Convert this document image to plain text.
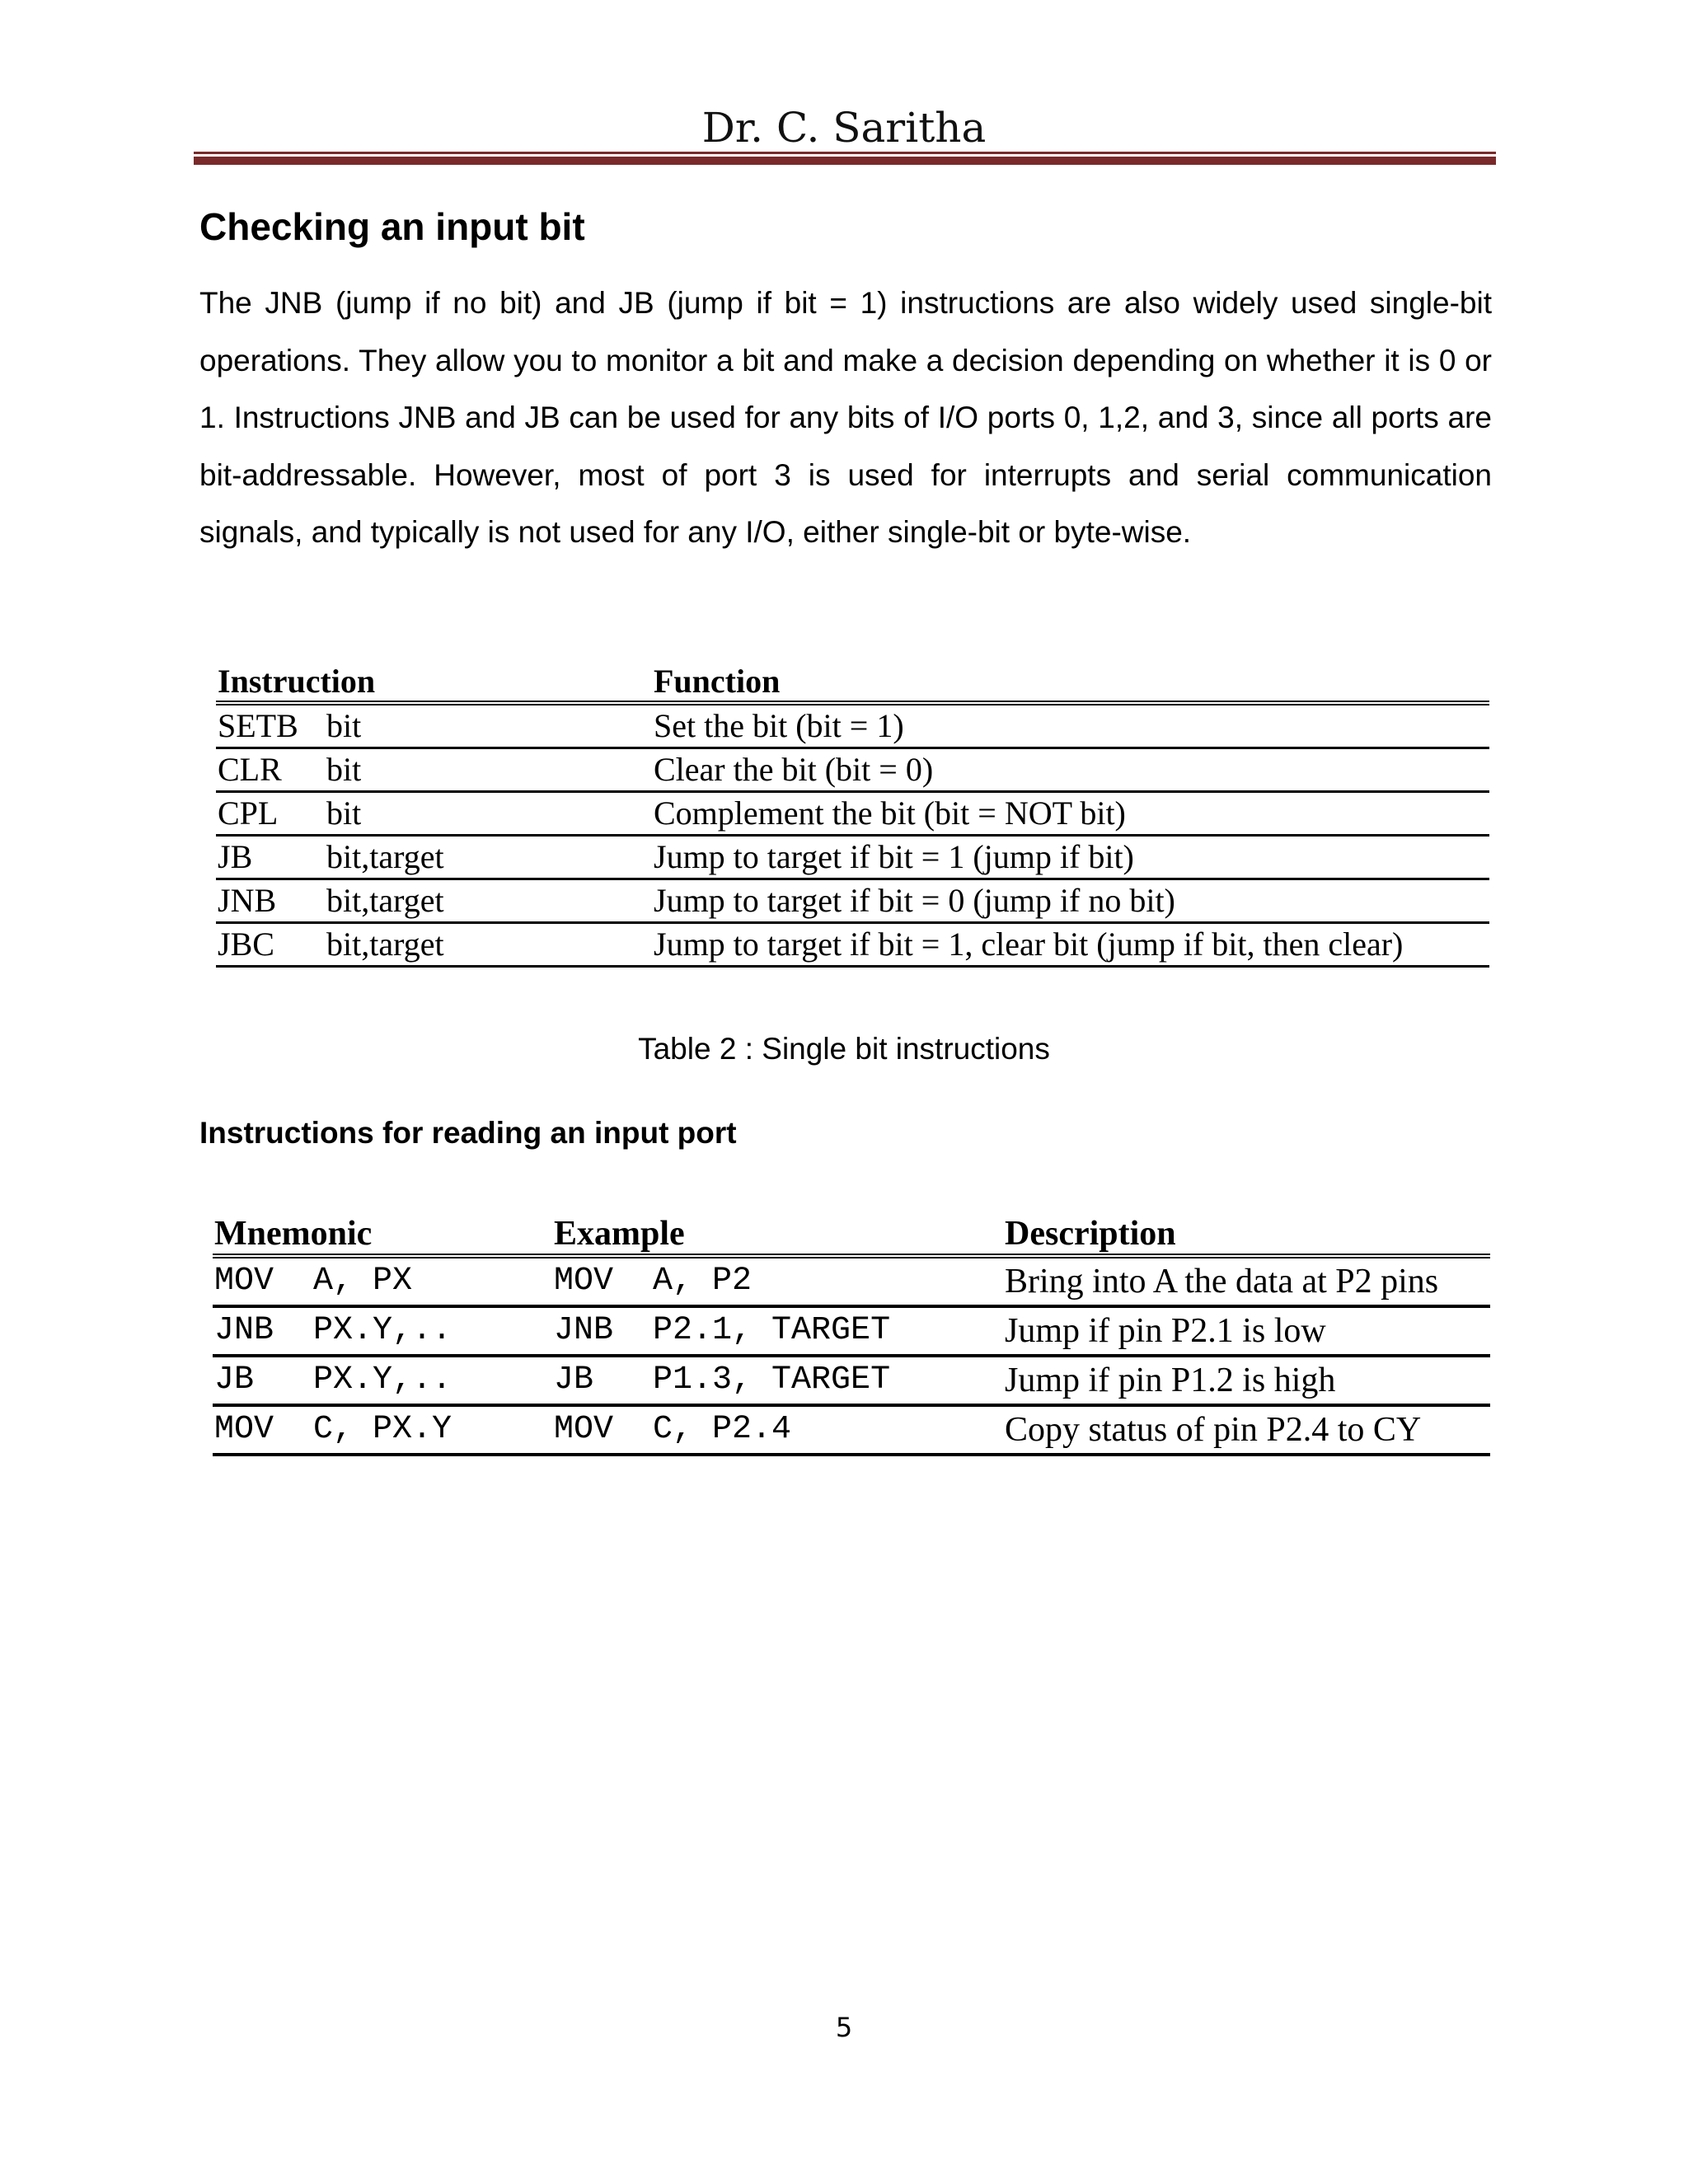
Dr. C. Saritha
Checking an input bit
The JNB (jump if no bit) and JB (jump if bit = 1) instructions are also widely used single-bit operations. They allow you to monitor a bit and make a decision depending on whether it is 0 or 1. Instructions JNB and JB can be used for any bits of I/O ports 0, 1,2, and 3, since all ports are bit-addressable. However, most of port 3 is used for interrupts and serial communication signals, and typically is not used for any I/O, either single-bit or byte-wise.
Instruction		Function
SETB	bit	Set the bit (bit = 1)
CLR	bit	Clear the bit (bit = 0)
CPL	bit	Complement the bit (bit = NOT bit)
JB	bit,target	Jump to target if bit = 1 (jump if bit)
JNB	bit,target	Jump to target if bit = 0 (jump if no bit)
JBC	bit,target	Jump to target if bit = 1, clear bit (jump if bit, then clear)
Table 2 : Single bit instructions
Instructions for reading an input port
Mnemonic	Example	Description
MOV  A, PX	MOV  A, P2	Bring into A the data at P2 pins
JNB  PX.Y,..	JNB  P2.1, TARGET	Jump if pin P2.1 is low
JB   PX.Y,..	JB   P1.3, TARGET	Jump if pin P1.2 is high
MOV  C, PX.Y	MOV  C, P2.4	Copy status of pin P2.4 to CY
5
